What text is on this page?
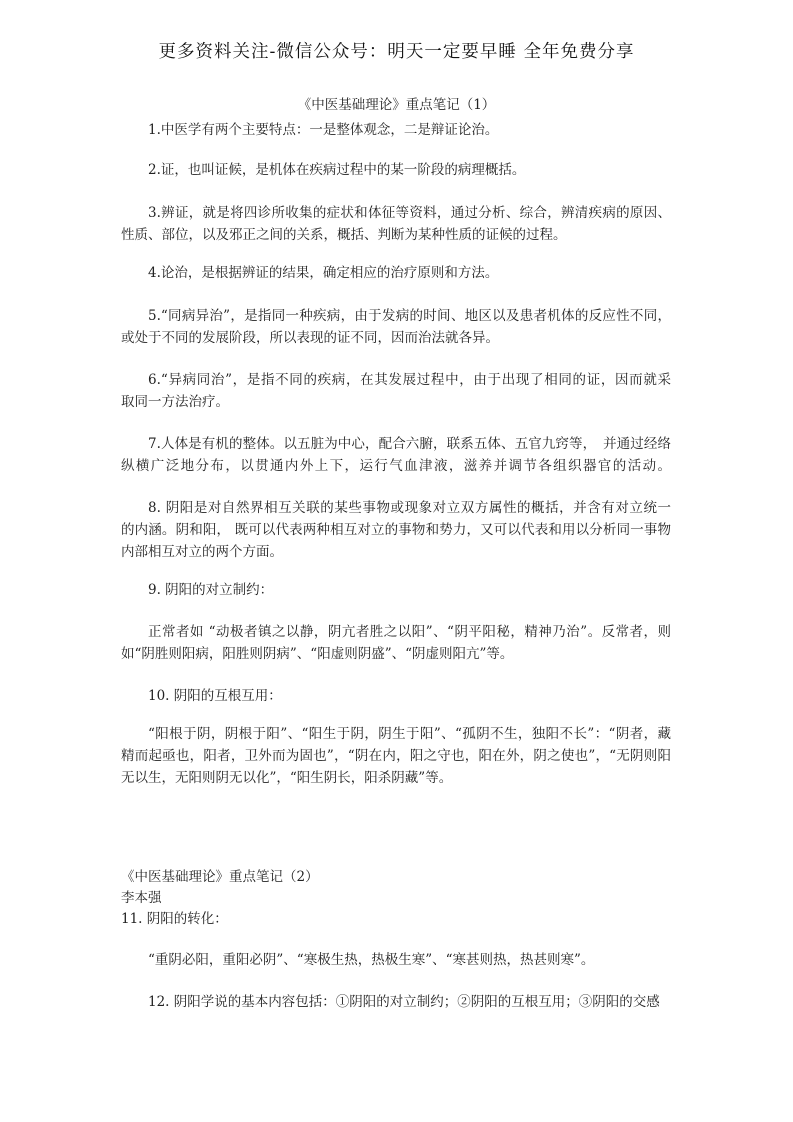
更多资料关注-微信公众号：明天一定要早睡 全年免费分享
《中医基础理论》重点笔记（1）
1.中医学有两个主要特点：一是整体观念，二是辩证论治。
2.证，也叫证候，是机体在疾病过程中的某一阶段的病理概括。
3.辨证，就是将四诊所收集的症状和体征等资料，通过分析、综合，辨清疾病的原因、
性质、部位，以及邪正之间的关系，概括、判断为某种性质的证候的过程。
4.论治，是根据辨证的结果，确定相应的治疗原则和方法。
5.“同病异治”，是指同一种疾病，由于发病的时间、地区以及患者机体的反应性不同，
或处于不同的发展阶段，所以表现的证不同，因而治法就各异。
6.“异病同治”，是指不同的疾病，在其发展过程中，由于出现了相同的证，因而就采
取同一方法治疗。
7.人体是有机的整体。以五脏为中心，配合六腑，联系五体、五官九窍等，　并通过经络
纵横广泛地分布，以贯通内外上下，运行气血津液，滋养并调节各组织器官的活动。
8. 阴阳是对自然界相互关联的某些事物或现象对立双方属性的概括，并含有对立统一
的内涵。阴和阳， 既可以代表两种相互对立的事物和势力，又可以代表和用以分析同一事物
内部相互对立的两个方面。
9. 阴阳的对立制约：
正常者如 “动极者镇之以静，阴亢者胜之以阳”、“阴平阳秘，精神乃治”。反常者，则
如“阴胜则阳病，阳胜则阴病”、“阳虚则阴盛”、“阴虚则阳亢”等。
10. 阴阳的互根互用：
“阳根于阴，阴根于阳”、“阳生于阴，阴生于阳”、“孤阴不生，独阳不长”：“阴者，藏
精而起亟也，阳者，卫外而为固也”，“阴在内，阳之守也，阳在外，阴之使也”，“无阴则阳
无以生，无阳则阴无以化”，“阳生阴长，阳杀阴藏”等。
《中医基础理论》重点笔记（2）
李本强
11. 阴阳的转化：
“重阴必阳，重阳必阴”、“寒极生热，热极生寒”、“寒甚则热，热甚则寒”。
12. 阴阳学说的基本内容包括：①阴阳的对立制约；②阴阳的互根互用；③阴阳的交感
